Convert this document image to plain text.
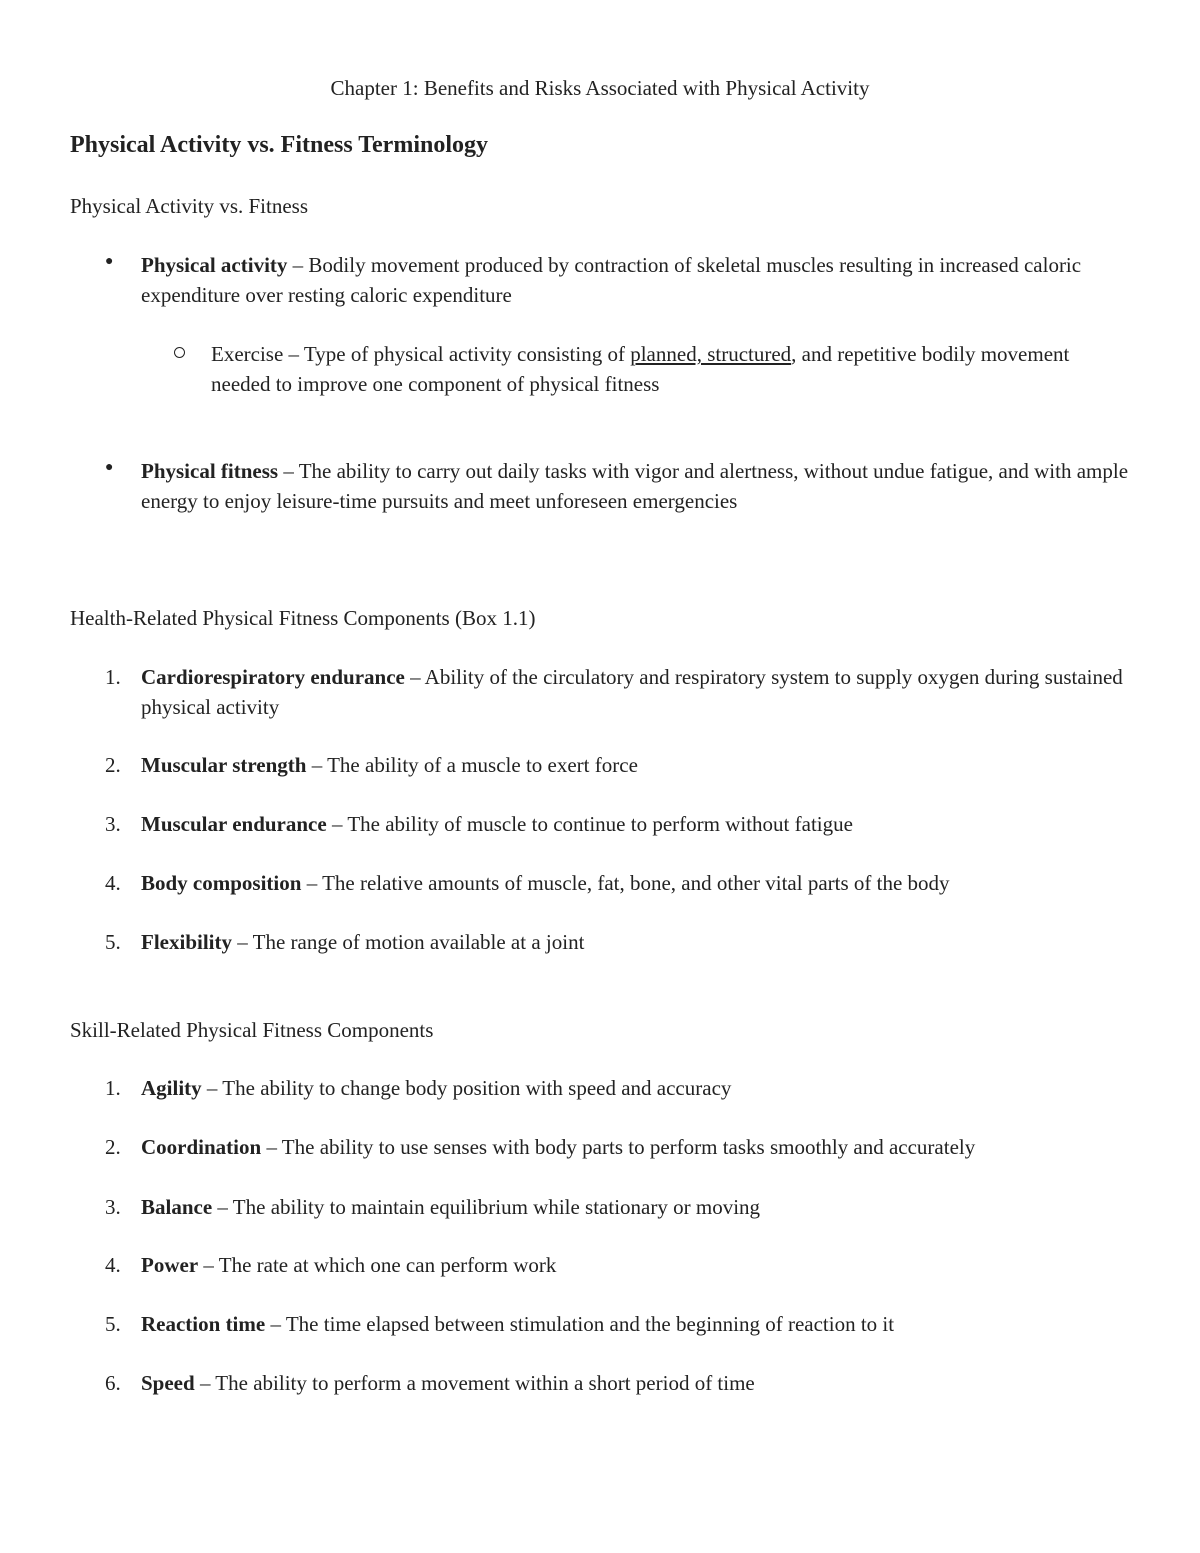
Chapter 1: Benefits and Risks Associated with Physical Activity
Physical Activity vs. Fitness Terminology
Physical Activity vs. Fitness
● Physical activity – Bodily movement produced by contraction of skeletal muscles resulting in increased caloric expenditure over resting caloric expenditure
Exercise – Type of physical activity consisting of planned, structured, and repetitive bodily movement needed to improve one component of physical fitness
● Physical fitness – The ability to carry out daily tasks with vigor and alertness, without undue fatigue, and with ample energy to enjoy leisure-time pursuits and meet unforeseen emergencies
Health-Related Physical Fitness Components (Box 1.1)
1. Cardiorespiratory endurance – Ability of the circulatory and respiratory system to supply oxygen during sustained physical activity
2. Muscular strength – The ability of a muscle to exert force
3. Muscular endurance – The ability of muscle to continue to perform without fatigue
4. Body composition – The relative amounts of muscle, fat, bone, and other vital parts of the body
5. Flexibility – The range of motion available at a joint
Skill-Related Physical Fitness Components
1. Agility – The ability to change body position with speed and accuracy
2. Coordination – The ability to use senses with body parts to perform tasks smoothly and accurately
3. Balance – The ability to maintain equilibrium while stationary or moving
4. Power – The rate at which one can perform work
5. Reaction time – The time elapsed between stimulation and the beginning of reaction to it
6. Speed – The ability to perform a movement within a short period of time
